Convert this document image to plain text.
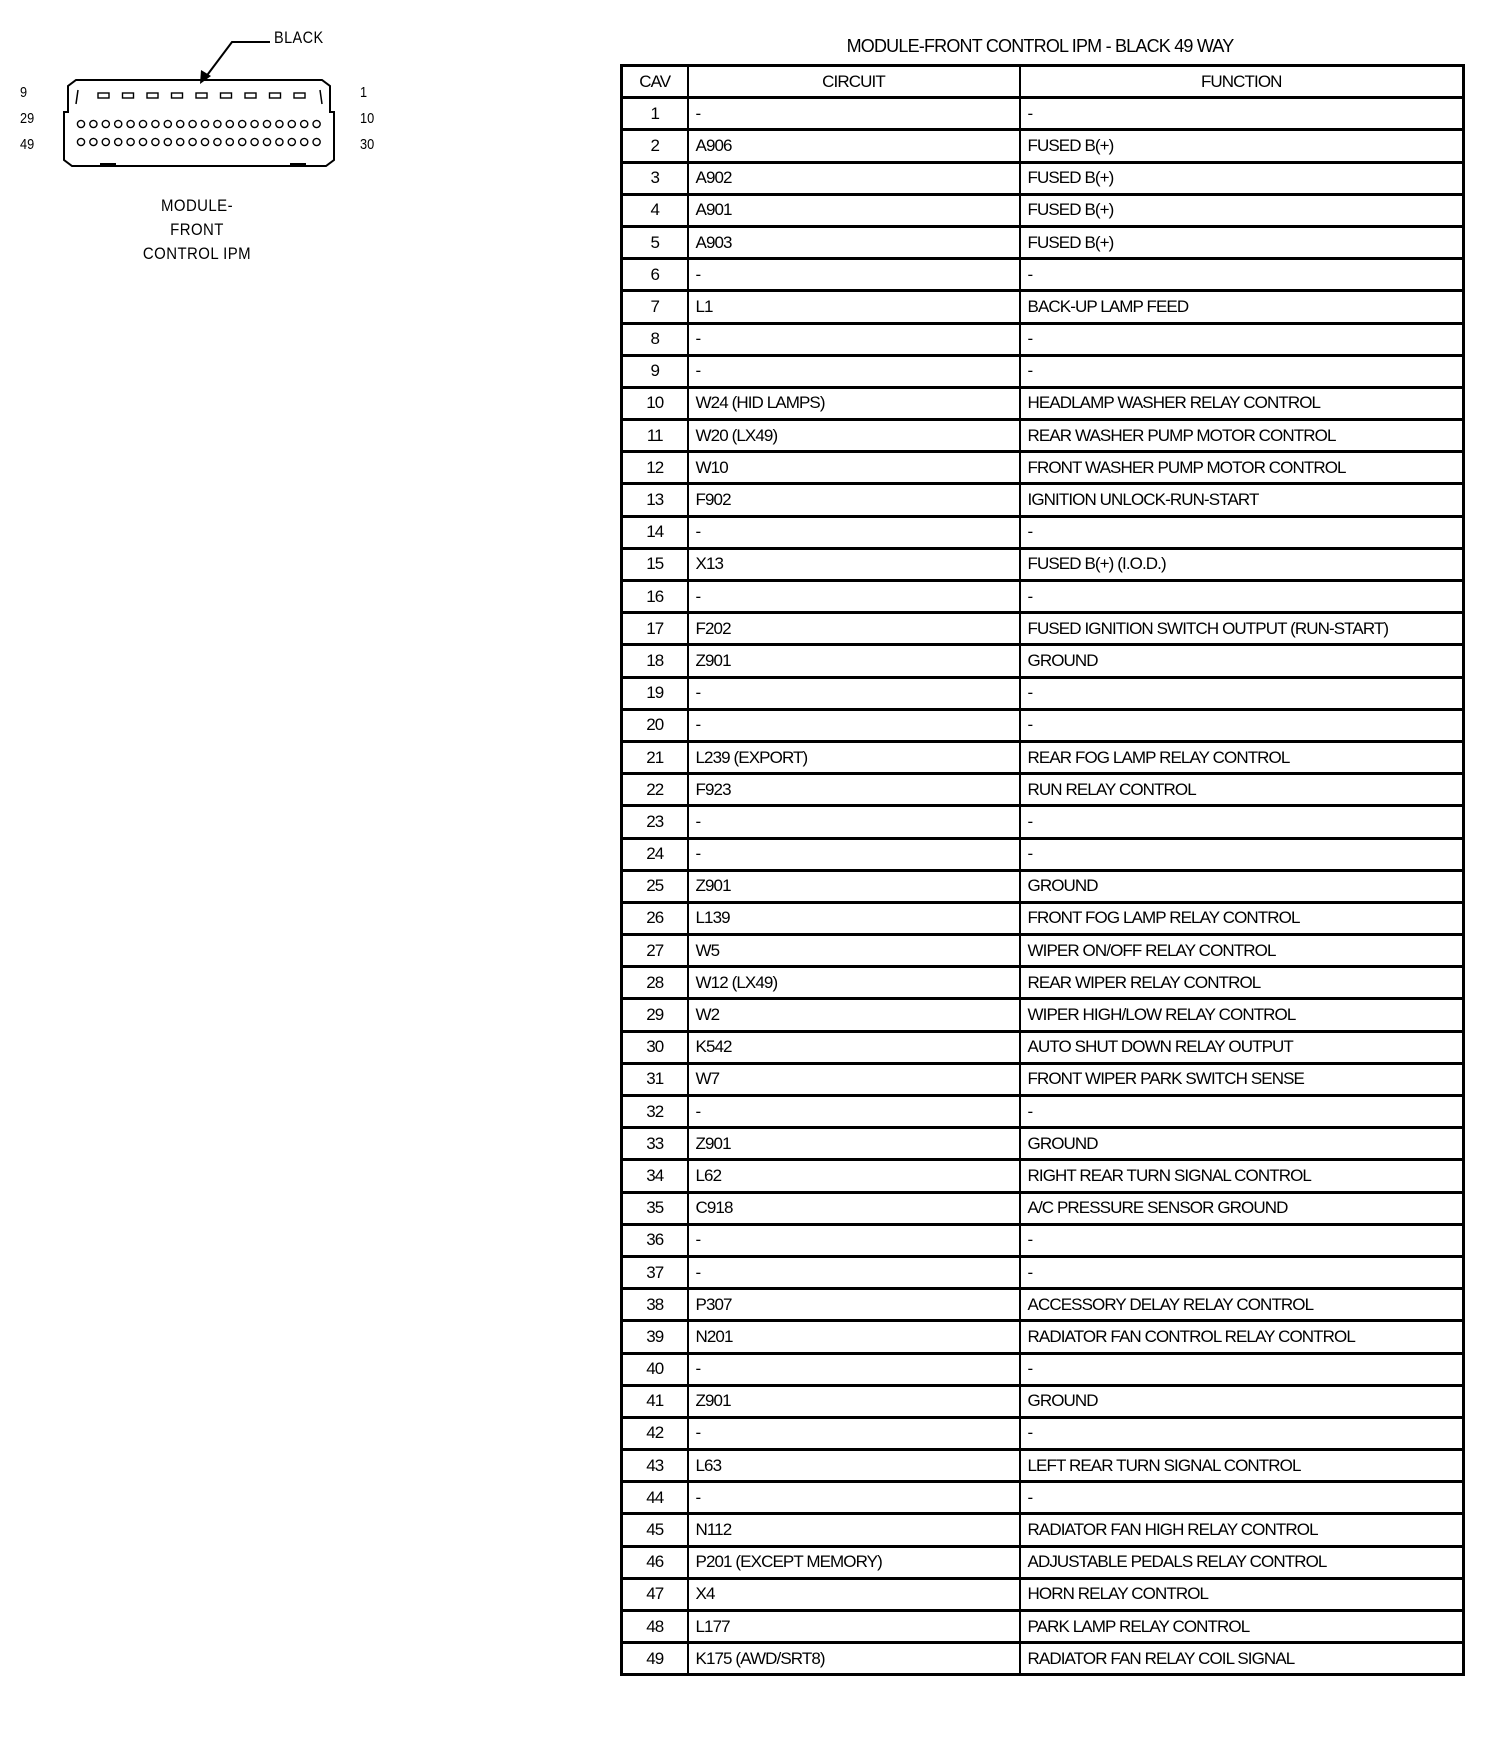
BLACK
9
29
49
1
10
30
MODULE-
FRONT
CONTROL IPM
MODULE-FRONT CONTROL IPM - BLACK 49 WAY
CAV	CIRCUIT	FUNCTION
1	-	-
2	A906	FUSED B(+)
3	A902	FUSED B(+)
4	A901	FUSED B(+)
5	A903	FUSED B(+)
6	-	-
7	L1	BACK-UP LAMP FEED
8	-	-
9	-	-
10	W24 (HID LAMPS)	HEADLAMP WASHER RELAY CONTROL
11	W20 (LX49)	REAR WASHER PUMP MOTOR CONTROL
12	W10	FRONT WASHER PUMP MOTOR CONTROL
13	F902	IGNITION UNLOCK-RUN-START
14	-	-
15	X13	FUSED B(+) (I.O.D.)
16	-	-
17	F202	FUSED IGNITION SWITCH OUTPUT (RUN-START)
18	Z901	GROUND
19	-	-
20	-	-
21	L239 (EXPORT)	REAR FOG LAMP RELAY CONTROL
22	F923	RUN RELAY CONTROL
23	-	-
24	-	-
25	Z901	GROUND
26	L139	FRONT FOG LAMP RELAY CONTROL
27	W5	WIPER ON/OFF RELAY CONTROL
28	W12 (LX49)	REAR WIPER RELAY CONTROL
29	W2	WIPER HIGH/LOW RELAY CONTROL
30	K542	AUTO SHUT DOWN RELAY OUTPUT
31	W7	FRONT WIPER PARK SWITCH SENSE
32	-	-
33	Z901	GROUND
34	L62	RIGHT REAR TURN SIGNAL CONTROL
35	C918	A/C PRESSURE SENSOR GROUND
36	-	-
37	-	-
38	P307	ACCESSORY DELAY RELAY CONTROL
39	N201	RADIATOR FAN CONTROL RELAY CONTROL
40	-	-
41	Z901	GROUND
42	-	-
43	L63	LEFT REAR TURN SIGNAL CONTROL
44	-	-
45	N112	RADIATOR FAN HIGH RELAY CONTROL
46	P201 (EXCEPT MEMORY)	ADJUSTABLE PEDALS RELAY CONTROL
47	X4	HORN RELAY CONTROL
48	L177	PARK LAMP RELAY CONTROL
49	K175 (AWD/SRT8)	RADIATOR FAN RELAY COIL SIGNAL
